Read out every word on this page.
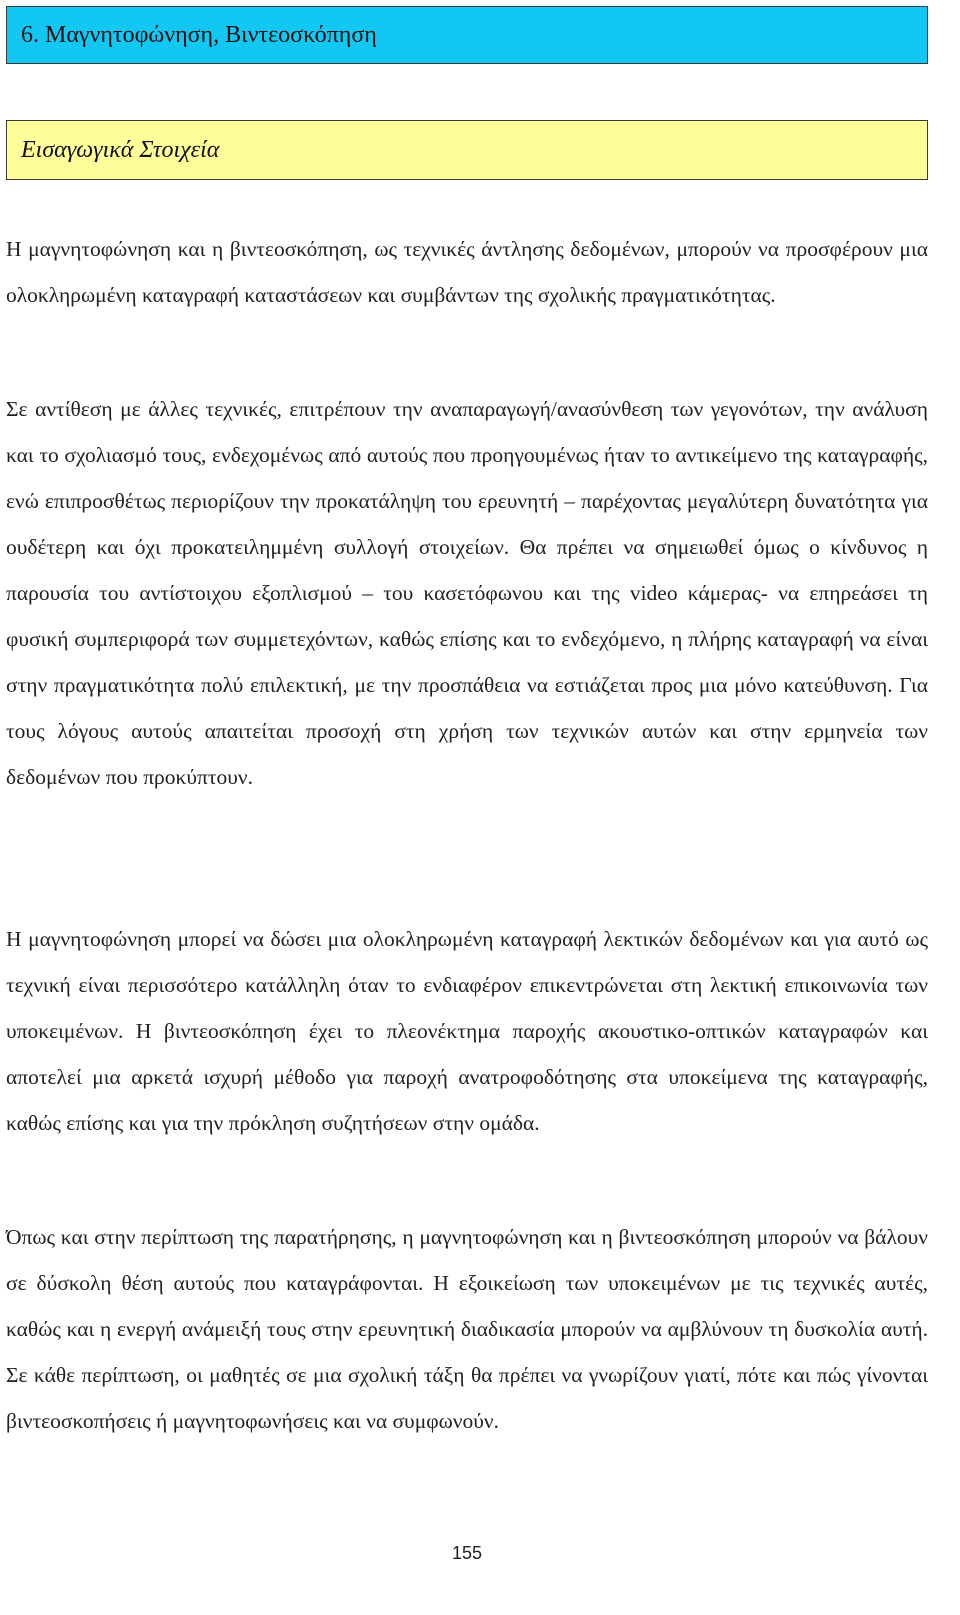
6. Μαγνητοφώνηση, Βιντεοσκόπηση
Εισαγωγικά Στοιχεία

Η μαγνητοφώνηση και η βιντεοσκόπηση, ως τεχνικές άντλησης δεδομένων, μπορούν να προσφέρουν μια ολοκληρωμένη καταγραφή καταστάσεων και συμβάντων της σχολικής πραγματικότητας.

Σε αντίθεση με άλλες τεχνικές, επιτρέπουν την αναπαραγωγή/ανασύνθεση των γεγονότων, την ανάλυση και το σχολιασμό τους, ενδεχομένως από αυτούς που προηγουμένως ήταν το αντικείμενο της καταγραφής, ενώ επιπροσθέτως περιορίζουν την προκατάληψη του ερευνητή – παρέχοντας μεγαλύτερη δυνατότητα για ουδέτερη και όχι προκατειλημμένη συλλογή στοιχείων. Θα πρέπει να σημειωθεί όμως ο κίνδυνος η παρουσία του αντίστοιχου εξοπλισμού – του κασετόφωνου και της video κάμερας- να επηρεάσει τη φυσική συμπεριφορά των συμμετεχόντων, καθώς επίσης και το ενδεχόμενο, η πλήρης καταγραφή να είναι στην πραγματικότητα πολύ επιλεκτική, με την προσπάθεια να εστιάζεται προς μια μόνο κατεύθυνση. Για τους λόγους αυτούς απαιτείται προσοχή στη χρήση των τεχνικών αυτών και στην ερμηνεία των δεδομένων που προκύπτουν.

Η μαγνητοφώνηση μπορεί να δώσει μια ολοκληρωμένη καταγραφή λεκτικών δεδομένων και για αυτό ως τεχνική είναι περισσότερο κατάλληλη όταν το ενδιαφέρον επικεντρώνεται στη λεκτική επικοινωνία των υποκειμένων. Η βιντεοσκόπηση έχει το πλεονέκτημα παροχής ακουστικο-οπτικών καταγραφών και αποτελεί μια αρκετά ισχυρή μέθοδο για παροχή ανατροφοδότησης στα υποκείμενα της καταγραφής, καθώς επίσης και για την πρόκληση συζητήσεων στην ομάδα.

Όπως και στην περίπτωση της παρατήρησης, η μαγνητοφώνηση και η βιντεοσκόπηση μπορούν να βάλουν σε δύσκολη θέση αυτούς που καταγράφονται. Η εξοικείωση των υποκειμένων με τις τεχνικές αυτές, καθώς και η ενεργή ανάμειξή τους στην ερευνητική διαδικασία μπορούν να αμβλύνουν τη δυσκολία αυτή. Σε κάθε περίπτωση, οι μαθητές σε μια σχολική τάξη θα πρέπει να γνωρίζουν γιατί, πότε και πώς γίνονται βιντεοσκοπήσεις ή μαγνητοφωνήσεις και να συμφωνούν.

155
